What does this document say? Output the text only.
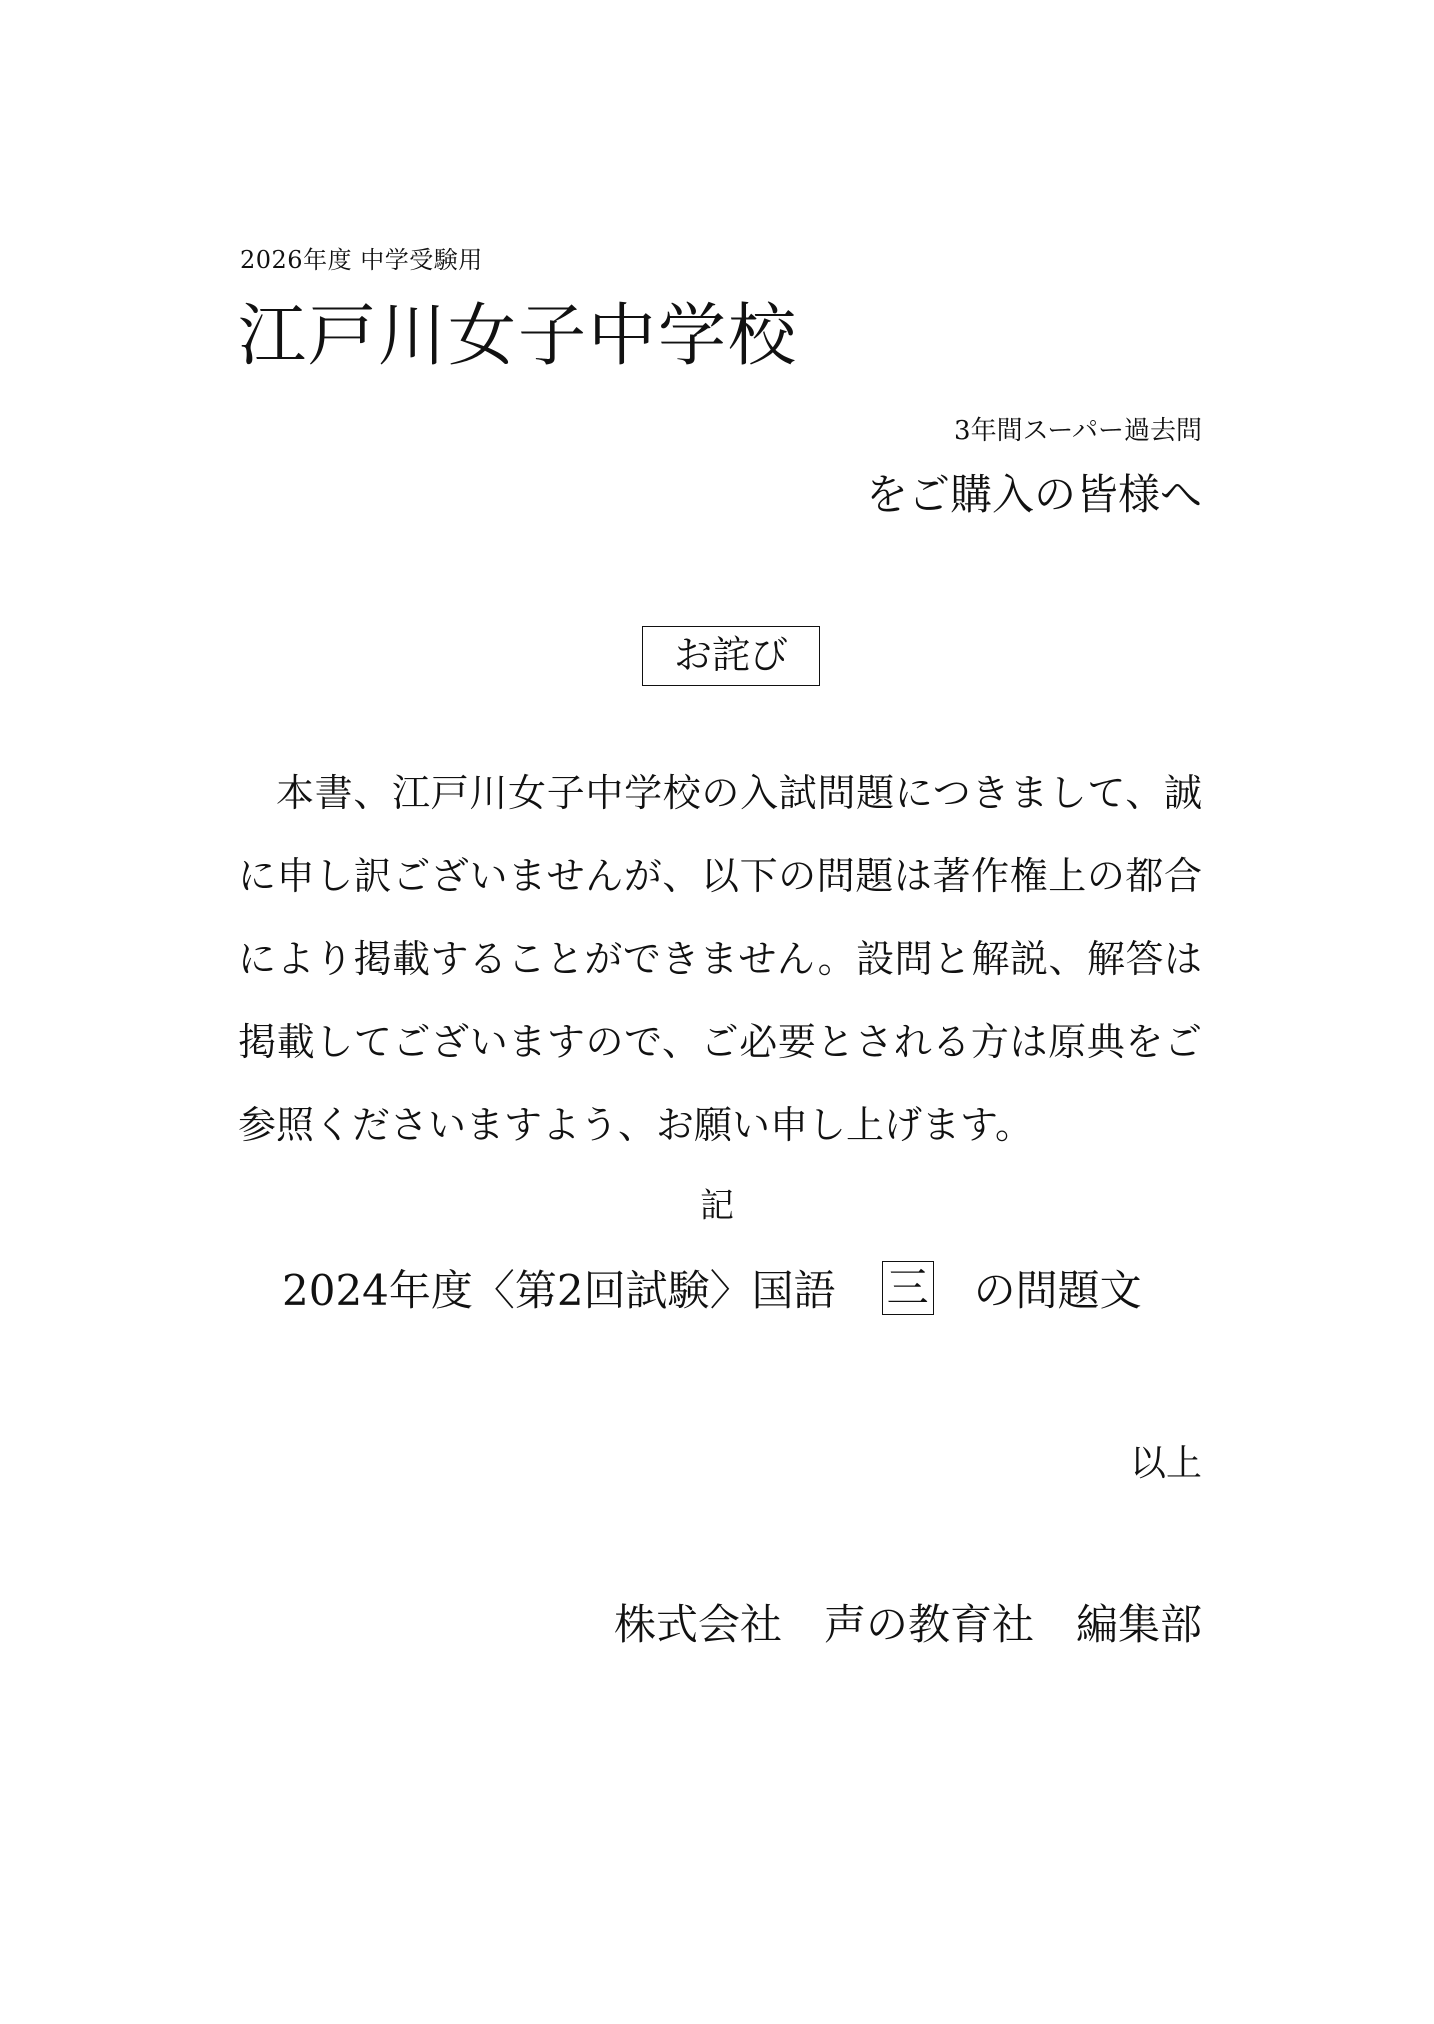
2026年度 中学受験用
江戸川女子中学校
3年間スーパー過去問
をご購入の皆様へ
お詫び

本書、江戸川女子中学校の入試問題につきまして、誠に申し訳ございませんが、以下の問題は著作権上の都合により掲載することができません。設問と解説、解答は掲載してございますので、ご必要とされる方は原典をご参照くださいますよう、お願い申し上げます。

記
2024年度〈第2回試験〉国語 三 の問題文
以上
株式会社　声の教育社　編集部
